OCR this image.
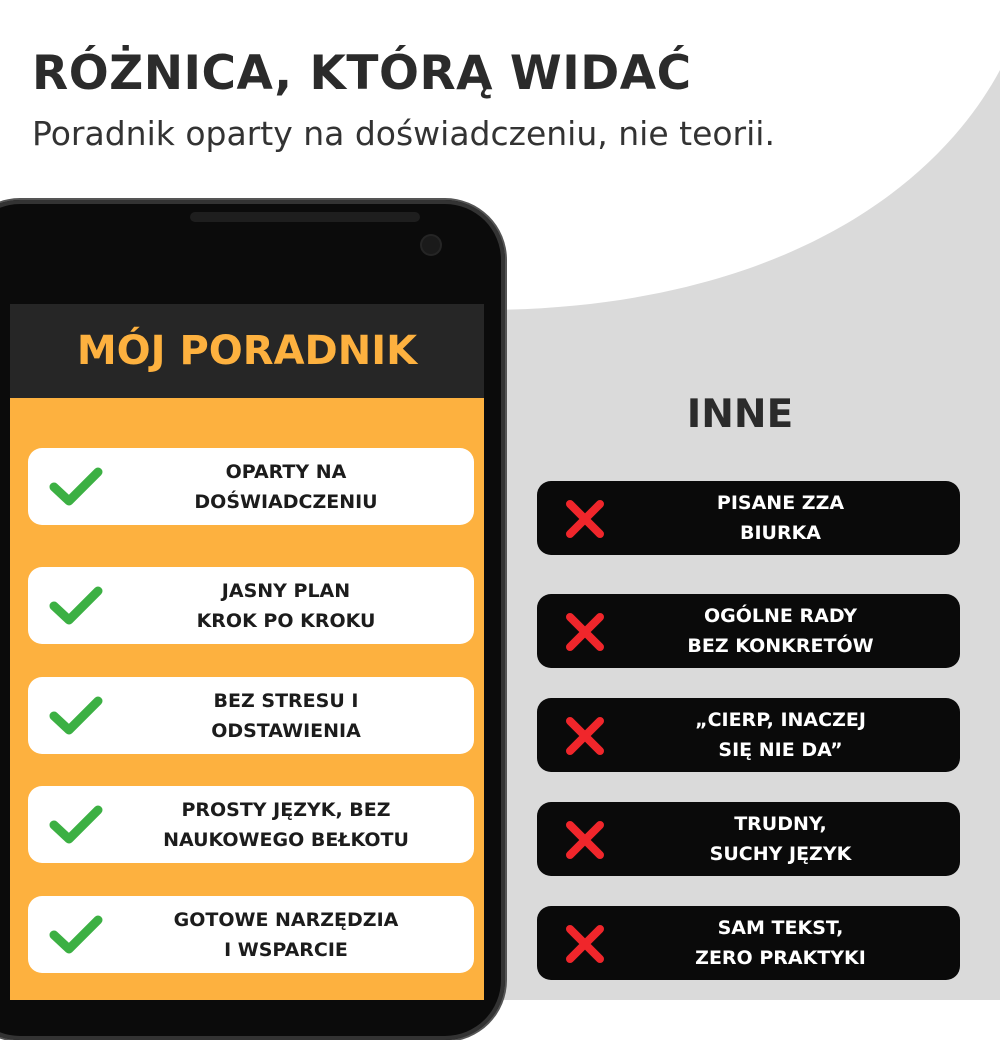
RÓŻNICA, KTÓRĄ WIDAĆ
Poradnik oparty na doświadczeniu, nie teorii.
MÓJ PORADNIK
OPARTY NA
DOŚWIADCZENIU
JASNY PLAN
KROK PO KROKU
BEZ STRESU I
ODSTAWIENIA
PROSTY JĘZYK, BEZ
NAUKOWEGO BEŁKOTU
GOTOWE NARZĘDZIA
I WSPARCIE
INNE
PISANE ZZA
BIURKA
OGÓLNE RADY
BEZ KONKRETÓW
„CIERP, INACZEJ
SIĘ NIE DA”
TRUDNY,
SUCHY JĘZYK
SAM TEKST,
ZERO PRAKTYKI
